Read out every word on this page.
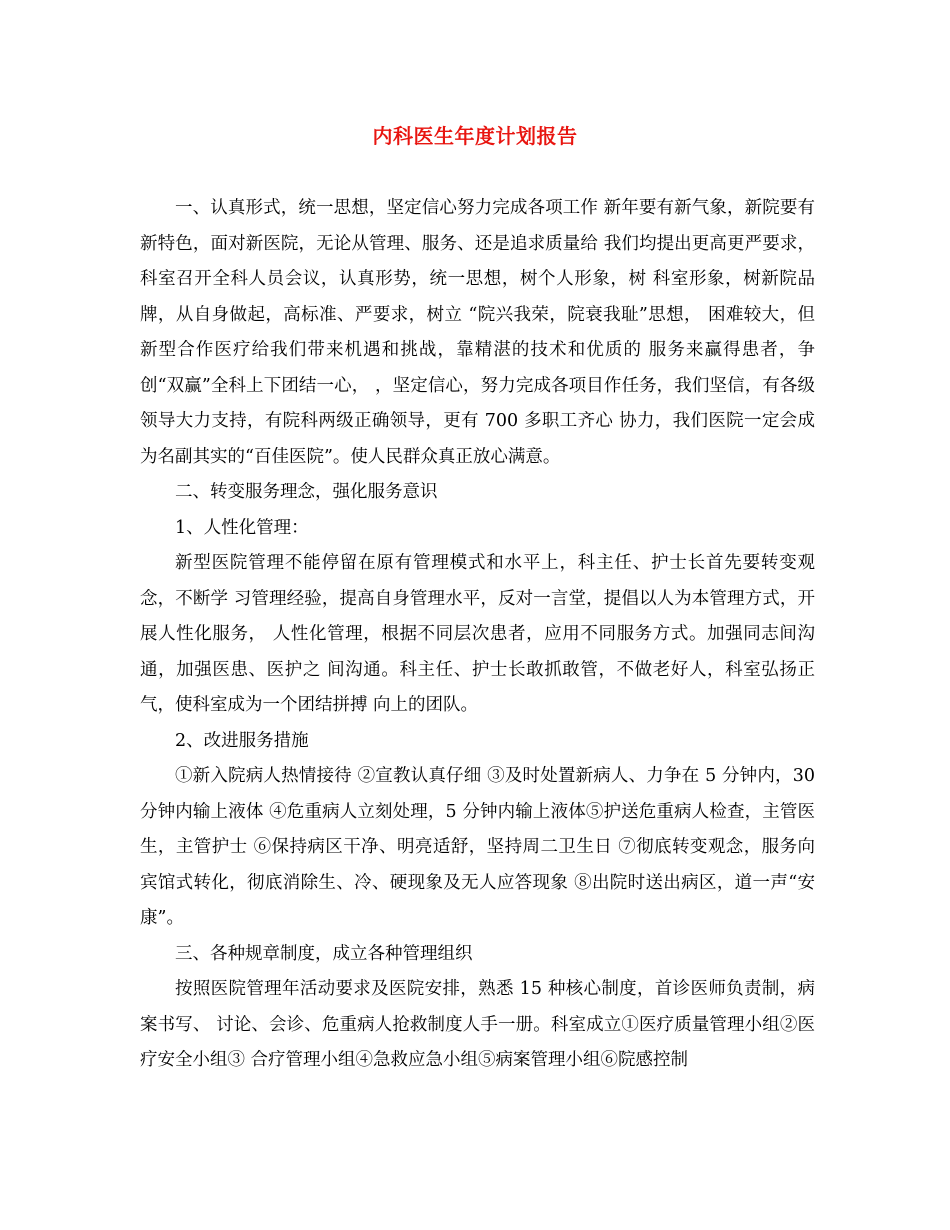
内科医生年度计划报告

一、认真形式，统一思想，坚定信心努力完成各项工作 新年要有新气象，新院要有新特色，面对新医院，无论从管理、服务、还是追求质量给 我们均提出更高更严要求，科室召开全科人员会议，认真形势，统一思想，树个人形象，树 科室形象，树新院品牌，从自身做起，高标准、严要求，树立 “院兴我荣，院衰我耻”思想， 困难较大，但新型合作医疗给我们带来机遇和挑战，靠精湛的技术和优质的 服务来赢得患者，争创“双赢”全科上下团结一心， ，坚定信心，努力完成各项目作任务，我们坚信，有各级领导大力支持，有院科两级正确领导，更有 700 多职工齐心 协力，我们医院一定会成为名副其实的“百佳医院”。使人民群众真正放心满意。

二、转变服务理念，强化服务意识

1、人性化管理：

新型医院管理不能停留在原有管理模式和水平上，科主任、护士长首先要转变观念，不断学 习管理经验，提高自身管理水平，反对一言堂，提倡以人为本管理方式，开展人性化服务， 人性化管理，根据不同层次患者，应用不同服务方式。加强同志间沟通，加强医患、医护之 间沟通。科主任、护士长敢抓敢管，不做老好人，科室弘扬正气，使科室成为一个团结拼搏 向上的团队。

2、改进服务措施

①新入院病人热情接待 ②宣教认真仔细 ③及时处置新病人、力争在 5 分钟内，30 分钟内输上液体 ④危重病人立刻处理，5 分钟内输上液体⑤护送危重病人检查，主管医生，主管护士 ⑥保持病区干净、明亮适舒，坚持周二卫生日 ⑦彻底转变观念，服务向宾馆式转化，彻底消除生、冷、硬现象及无人应答现象 ⑧出院时送出病区，道一声“安康”。

三、各种规章制度，成立各种管理组织

按照医院管理年活动要求及医院安排，熟悉 15 种核心制度，首诊医师负责制，病案书写、 讨论、会诊、危重病人抢救制度人手一册。科室成立①医疗质量管理小组②医疗安全小组③ 合疗管理小组④急救应急小组⑤病案管理小组⑥院感控制
